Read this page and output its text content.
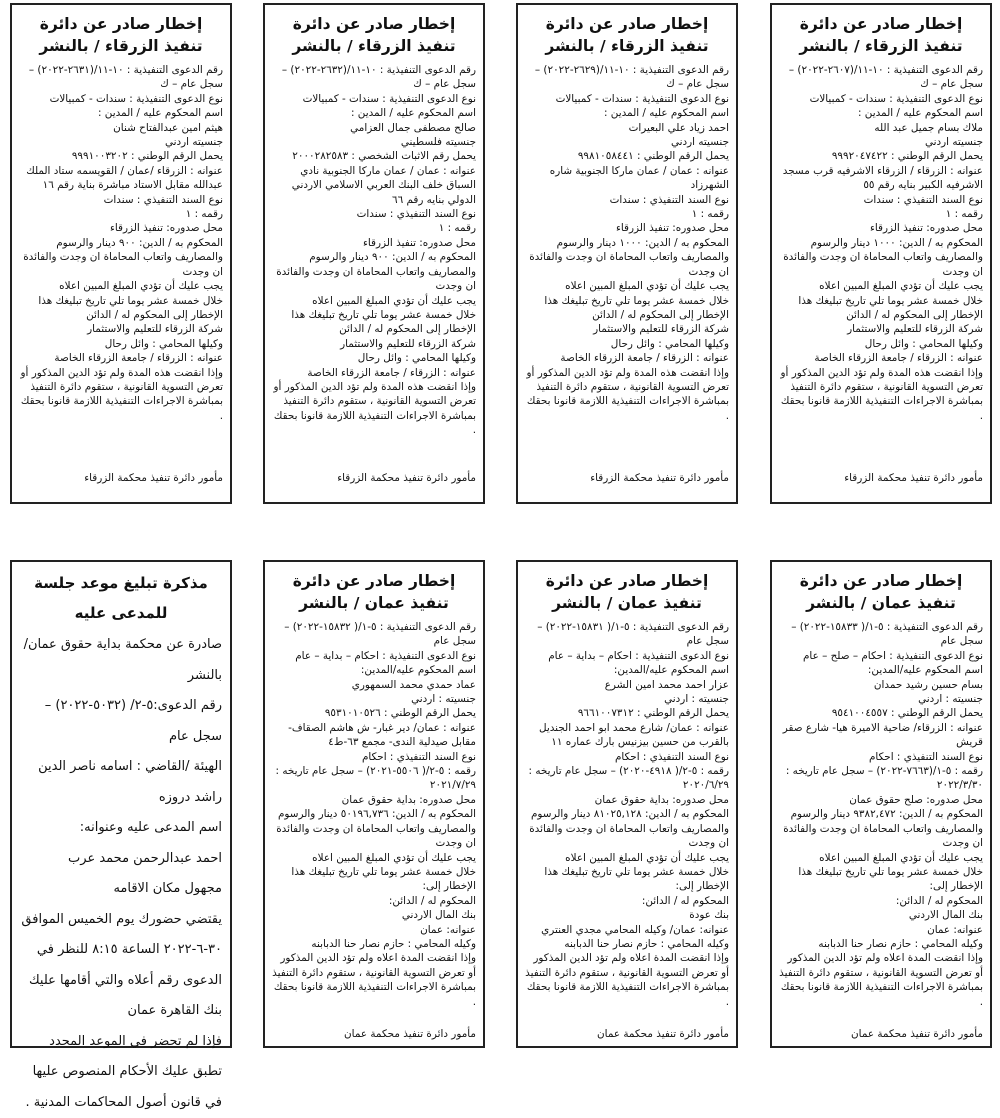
إخطار صادر عن دائرة تنفيذ الزرقاء / بالنشر
رقم الدعوى التنفيذية : ١٠-١١/(٢٦٠٧-٢٠٢٢) – سجل عام – ك
نوع الدعوى التنفيذية : سندات - كمبيالات
اسم المحكوم عليه / المدين :
ملاك بسام جميل عبد الله
جنسيته اردني
يحمل الرقم الوطني : ٩٩٩٢٠٤٧٤٢٢
عنوانه : الزرقاء / الزرقاء الاشرفيه قرب مسجد الاشرفيه الكبير بنايه رقم ٥٥
نوع السند التنفيذي : سندات
رقمه : ١
محل صدوره: تنفيذ الزرقاء
المحكوم به / الدين: ١٠٠٠ دينار والرسوم والمصاريف واتعاب المحاماة ان وجدت والفائدة ان وجدت
يجب عليك أن تؤدي المبلغ المبين اعلاه
خلال خمسة عشر يوما تلي تاريخ تبليغك هذا الإخطار إلى المحكوم له / الدائن
شركة الزرقاء للتعليم والاستثمار
وكيلها المحامي : وائل رحال
عنوانه : الزرقاء / جامعة الزرقاء الخاصة
وإذا انقضت هذه المدة ولم تؤد الدين المذكور أو تعرض التسوية القانونية ، ستقوم دائرة التنفيذ بمباشرة الاجراءات التنفيذية اللازمة قانونا بحقك .
مأمور دائرة تنفيذ محكمة الزرقاء
إخطار صادر عن دائرة تنفيذ الزرقاء / بالنشر
رقم الدعوى التنفيذية : ١٠-١١/(٢٦٢٩-٢٠٢٢) – سجل عام – ك
نوع الدعوى التنفيذية : سندات - كمبيالات
اسم المحكوم عليه / المدين :
احمد زياد علي البعيرات
جنسيته اردني
يحمل الرقم الوطني : ٩٩٨١٠٥٨٤٤١
عنوانه : عمان / عمان ماركا الجنوبية شاره الشهرزاد
نوع السند التنفيذي : سندات
رقمه : ١
محل صدوره: تنفيذ الزرقاء
المحكوم به / الدين: ١٠٠٠ دينار والرسوم والمصاريف واتعاب المحاماة ان وجدت والفائدة ان وجدت
يجب عليك أن تؤدي المبلغ المبين اعلاه
خلال خمسة عشر يوما تلي تاريخ تبليغك هذا الإخطار إلى المحكوم له / الدائن
شركة الزرقاء للتعليم والاستثمار
وكيلها المحامي : وائل رحال
عنوانه : الزرقاء / جامعة الزرقاء الخاصة
وإذا انقضت هذه المدة ولم تؤد الدين المذكور أو تعرض التسوية القانونية ، ستقوم دائرة التنفيذ بمباشرة الاجراءات التنفيذية اللازمة قانونا بحقك .
مأمور دائرة تنفيذ محكمة الزرقاء
إخطار صادر عن دائرة تنفيذ الزرقاء / بالنشر
رقم الدعوى التنفيذية : ١٠-١١/(٢٦٣٢-٢٠٢٢) – سجل عام – ك
نوع الدعوى التنفيذية : سندات - كمبيالات
اسم المحكوم عليه / المدين :
صالح مصطفى جمال العزامي
جنسيته فلسطيني
يحمل رقم الاثبات الشخصي : ٢٠٠٠٢٨٢٥٨٣
عنوانه : عمان / عمان ماركا الجنوبية نادي السباق خلف البنك العربي الاسلامي الاردني الدولي بنايه رقم ٦٦
نوع السند التنفيذي : سندات
رقمه : ١
محل صدوره: تنفيذ الزرقاء
المحكوم به / الدين: ٩٠٠ دينار والرسوم والمصاريف واتعاب المحاماة ان وجدت والفائدة ان وجدت
يجب عليك أن تؤدي المبلغ المبين اعلاه
خلال خمسة عشر يوما تلي تاريخ تبليغك هذا الإخطار إلى المحكوم له / الدائن
شركة الزرقاء للتعليم والاستثمار
وكيلها المحامي : وائل رحال
عنوانه : الزرقاء / جامعة الزرقاء الخاصة
وإذا انقضت هذه المدة ولم تؤد الدين المذكور أو تعرض التسوية القانونية ، ستقوم دائرة التنفيذ بمباشرة الاجراءات التنفيذية اللازمة قانونا بحقك .
مأمور دائرة تنفيذ محكمة الزرقاء
إخطار صادر عن دائرة تنفيذ الزرقاء / بالنشر
رقم الدعوى التنفيذية : ١٠-١١/(٢٦٣١-٢٠٢٢) – سجل عام – ك
نوع الدعوى التنفيذية : سندات - كمبيالات
اسم المحكوم عليه / المدين :
هيثم امين عبدالفتاح شنان
جنسيته اردني
يحمل الرقم الوطني : ٩٩٩١٠٠٣٢٠٢
عنوانه : الزرقاء /عمان / القويسمه ستاد الملك عبدالله مقابل الاستاد مباشرة بناية رقم ١٦
نوع السند التنفيذي : سندات
رقمه : ١
محل صدوره: تنفيذ الزرقاء
المحكوم به / الدين: ٩٠٠ دينار والرسوم والمصاريف واتعاب المحاماة ان وجدت والفائدة ان وجدت
يجب عليك أن تؤدي المبلغ المبين اعلاه
خلال خمسة عشر يوما تلي تاريخ تبليغك هذا الإخطار إلى المحكوم له / الدائن
شركة الزرقاء للتعليم والاستثمار
وكيلها المحامي : وائل رحال
عنوانه : الزرقاء / جامعة الزرقاء الخاصة
وإذا انقضت هذه المدة ولم تؤد الدين المذكور أو تعرض التسوية القانونية ، ستقوم دائرة التنفيذ بمباشرة الاجراءات التنفيذية اللازمة قانونا بحقك .
مأمور دائرة تنفيذ محكمة الزرقاء
إخطار صادر عن دائرة تنفيذ عمان / بالنشر
رقم الدعوى التنفيذية : ٥-١/( ١٥٨٣٣-٢٠٢٢) – سجل عام
نوع الدعوى التنفيذية : احكام – صلح – عام
اسم المحكوم عليه/المدين:
بسام حسين رشيد حمدان
جنسيته : اردني
يحمل الرقم الوطني : ٩٥٤١٠٠٤٥٥٧
عنوانه : الزرقاء/ ضاحية الاميرة هيا- شارع صقر قريش
نوع السند التنفيذي : احكام
رقمه : ٥-١/(٧٦٦٣-٢٠٢٢) – سجل عام تاريخه : ٢٠٢٢/٣/٣٠
محل صدوره: صلح حقوق عمان
المحكوم به / الدين: ٩٣٨٢,٤٧٢ دينار والرسوم والمصاريف واتعاب المحاماة ان وجدت والفائدة ان وجدت
يجب عليك أن تؤدي المبلغ المبين اعلاه
خلال خمسة عشر يوما تلي تاريخ تبليغك هذا الإخطار إلى:
المحكوم له / الدائن:
بنك المال الاردني
عنوانه: عمان
وكيله المحامي : حازم نصار حنا الدبابنه
وإذا انقضت المدة اعلاه ولم تؤد الدين المذكور أو تعرض التسوية القانونية ، ستقوم دائرة التنفيذ بمباشرة الاجراءات التنفيذية اللازمة قانونا بحقك .
مأمور دائرة تنفيذ محكمة عمان
إخطار صادر عن دائرة تنفيذ عمان / بالنشر
رقم الدعوى التنفيذية : ٥-١/( ١٥٨٣١-٢٠٢٢) – سجل عام
نوع الدعوى التنفيذية : احكام – بداية – عام
اسم المحكوم عليه/المدين:
عزار احمد محمد امين الشرع
جنسيته : اردني
يحمل الرقم الوطني : ٩٦٦١٠٠٧٣١٢
عنوانه : عمان/ شارع محمد ابو احمد الجنديل بالقرب من حسين بيزنيس بارك عماره ١١
نوع السند التنفيذي : احكام
رقمه : ٥-٢/( ٤٩١٨-٢٠٢٠) – سجل عام تاريخه : ٢٠٢٠/٦/٢٩
محل صدوره: بداية حقوق عمان
المحكوم به / الدين: ٨١٠٢٥,١٢٨ دينار والرسوم والمصاريف واتعاب المحاماة ان وجدت والفائدة ان وجدت
يجب عليك أن تؤدي المبلغ المبين اعلاه
خلال خمسة عشر يوما تلي تاريخ تبليغك هذا الإخطار إلى:
المحكوم له / الدائن:
بنك عودة
عنوانه: عمان/ وكيله المحامي مجدي العنتري
وكيله المحامي : حازم نصار حنا الدبابنه
وإذا انقضت المدة اعلاه ولم تؤد الدين المذكور أو تعرض التسوية القانونية ، ستقوم دائرة التنفيذ بمباشرة الاجراءات التنفيذية اللازمة قانونا بحقك .
مأمور دائرة تنفيذ محكمة عمان
إخطار صادر عن دائرة تنفيذ عمان / بالنشر
رقم الدعوى التنفيذية : ٥-١/( ١٥٨٣٢-٢٠٢٢) – سجل عام
نوع الدعوى التنفيذية : احكام – بداية – عام
اسم المحكوم عليه/المدين:
عماد حمدي محمد السمهوري
جنسيته : اردني
يحمل الرقم الوطني : ٩٥٣١٠١٠٥٢٦
عنوانه : عمان/ دير غبار- ش هاشم الصقاف- مقابل صيدلية الندى- مجمع ٦٣-ط٤
نوع السند التنفيذي : احكام
رقمه : ٥-٢/( ٥٥٠٦-٢٠٢١) – سجل عام تاريخه : ٢٠٢١/٧/٢٩
محل صدوره: بداية حقوق عمان
المحكوم به / الدين: ٥٠١٩٦,٧٣٦ دينار والرسوم والمصاريف واتعاب المحاماة ان وجدت والفائدة ان وجدت
يجب عليك أن تؤدي المبلغ المبين اعلاه
خلال خمسة عشر يوما تلي تاريخ تبليغك هذا الإخطار إلى:
المحكوم له / الدائن:
بنك المال الاردني
عنوانه: عمان
وكيله المحامي : حازم نصار حنا الدبابنه
وإذا انقضت المدة اعلاه ولم تؤد الدين المذكور أو تعرض التسوية القانونية ، ستقوم دائرة التنفيذ بمباشرة الاجراءات التنفيذية اللازمة قانونا بحقك .
مأمور دائرة تنفيذ محكمة عمان
مذكرة تبليغ موعد جلسة
للمدعى عليه
صادرة عن محكمة بداية حقوق عمان/بالنشر
رقم الدعوى:٥-٢/ (٥٠٣٢-٢٠٢٢) – سجل عام
الهيئة /القاضي : اسامه ناصر الدين راشد دروزه
اسم المدعى عليه وعنوانه:
احمد عبدالرحمن محمد عرب
مجهول مكان الاقامه
يقتضي حضورك يوم الخميس الموافق ٣٠-٦-٢٠٢٢ الساعة ٨:١٥ للنظر في الدعوى رقم أعلاه والتي أقامها عليك
بنك القاهرة عمان
فإذا لم تحضر في الموعد المحدد تطبق عليك الأحكام المنصوص عليها في قانون أصول المحاكمات المدنية .
